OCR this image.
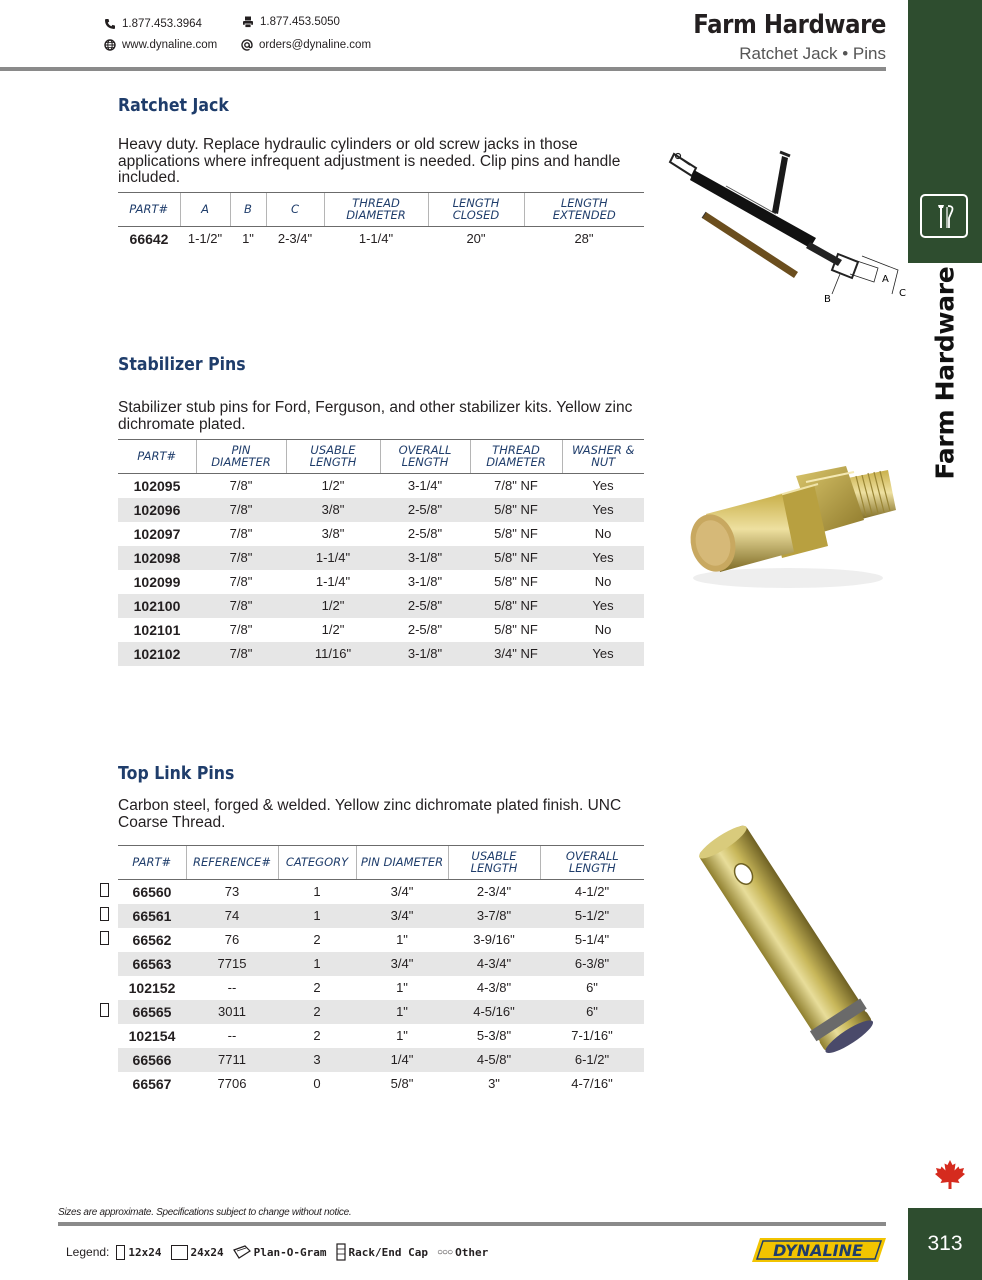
1.877.453.3964	1.877.453.5050
www.dynaline.com	orders@dynaline.com
Farm Hardware
Ratchet Jack • Pins
Farm Hardware
313
Ratchet Jack
Heavy duty. Replace hydraulic cylinders or old screw jacks in those applications where infrequent adjustment is needed. Clip pins and handle included.
PART#	A	B	C	THREAD DIAMETER	LENGTH CLOSED	LENGTH EXTENDED
66642	1-1/2"	1"	2-3/4"	1-1/4"	20"	28"
A
C
B
Stabilizer Pins
Stabilizer stub pins for Ford, Ferguson, and other stabilizer kits. Yellow zinc dichromate plated.
PART#	PIN DIAMETER	USABLE LENGTH	OVERALL LENGTH	THREAD DIAMETER	WASHER & NUT
102095	7/8"	1/2"	3-1/4"	7/8" NF	Yes
102096	7/8"	3/8"	2-5/8"	5/8" NF	Yes
102097	7/8"	3/8"	2-5/8"	5/8" NF	No
102098	7/8"	1-1/4"	3-1/8"	5/8" NF	Yes
102099	7/8"	1-1/4"	3-1/8"	5/8" NF	No
102100	7/8"	1/2"	2-5/8"	5/8" NF	Yes
102101	7/8"	1/2"	2-5/8"	5/8" NF	No
102102	7/8"	11/16"	3-1/8"	3/4" NF	Yes
Top Link Pins
Carbon steel, forged & welded. Yellow zinc dichromate plated finish. UNC Coarse Thread.
PART#	REFERENCE#	CATEGORY	PIN DIAMETER	USABLE LENGTH	OVERALL LENGTH
66560	73	1	3/4"	2-3/4"	4-1/2"
66561	74	1	3/4"	3-7/8"	5-1/2"
66562	76	2	1"	3-9/16"	5-1/4"
66563	7715	1	3/4"	4-3/4"	6-3/8"
102152	--	2	1"	4-3/8"	6"
66565	3011	2	1"	4-5/16"	6"
102154	--	2	1"	5-3/8"	7-1/16"
66566	7711	3	1/4"	4-5/8"	6-1/2"
66567	7706	0	5/8"	3"	4-7/16"
Sizes are approximate. Specifications subject to change without notice.
Legend: 12x24	24x24	Plan-O-Gram Rack/End Cap ○○○ Other	DYNALINE
